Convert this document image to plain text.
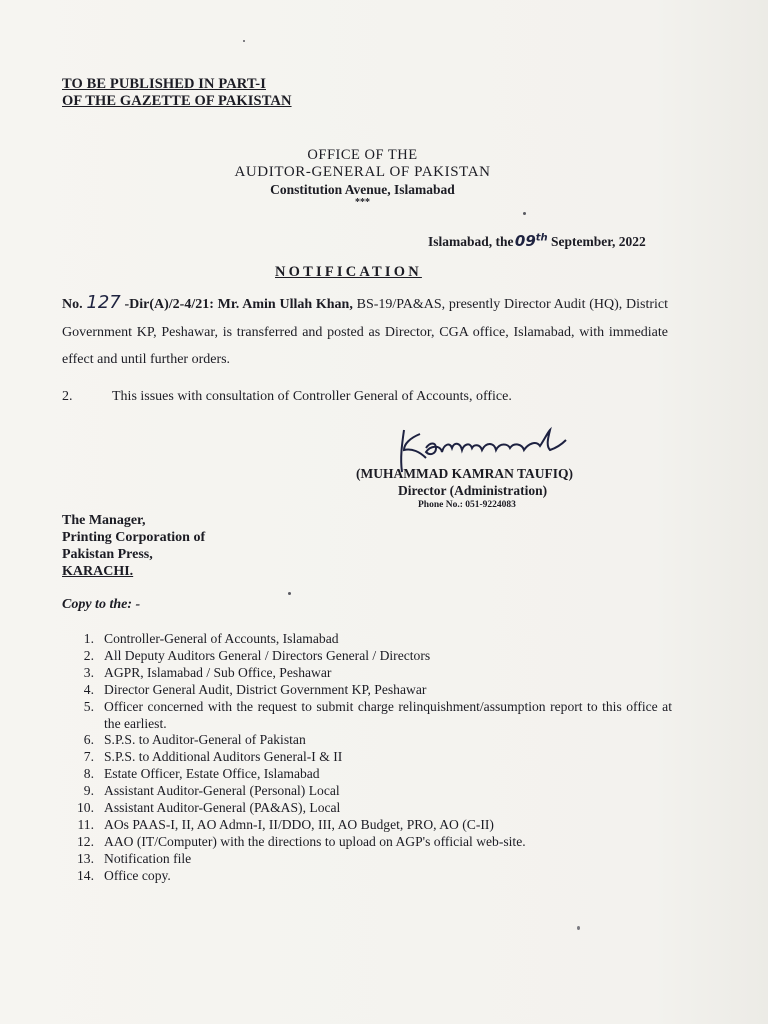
TO BE PUBLISHED IN PART-I
OF THE GAZETTE OF PAKISTAN
OFFICE OF THE
AUDITOR-GENERAL OF PAKISTAN
Constitution Avenue, Islamabad
***
Islamabad, the 09th September, 2022
NOTIFICATION
No. 127 -Dir(A)/2-4/21: Mr. Amin Ullah Khan, BS-19/PA&AS, presently Director Audit (HQ), District Government KP, Peshawar, is transferred and posted as Director, CGA office, Islamabad, with immediate effect and until further orders.
2.	This issues with consultation of Controller General of Accounts, office.
(MUHAMMAD KAMRAN TAUFIQ)
Director (Administration)
Phone No.: 051-9224083
The Manager,
Printing Corporation of
Pakistan Press,
KARACHI.
Copy to the: -
1. Controller-General of Accounts, Islamabad
2. All Deputy Auditors General / Directors General / Directors
3. AGPR, Islamabad / Sub Office, Peshawar
4. Director General Audit, District Government KP, Peshawar
5. Officer concerned with the request to submit charge relinquishment/assumption report to this office at the earliest.
6. S.P.S. to Auditor-General of Pakistan
7. S.P.S. to Additional Auditors General-I & II
8. Estate Officer, Estate Office, Islamabad
9. Assistant Auditor-General (Personal) Local
10. Assistant Auditor-General (PA&AS), Local
11. AOs PAAS-I, II, AO Admn-I, II/DDO, III, AO Budget, PRO, AO (C-II)
12. AAO (IT/Computer) with the directions to upload on AGP's official web-site.
13. Notification file
14. Office copy.
